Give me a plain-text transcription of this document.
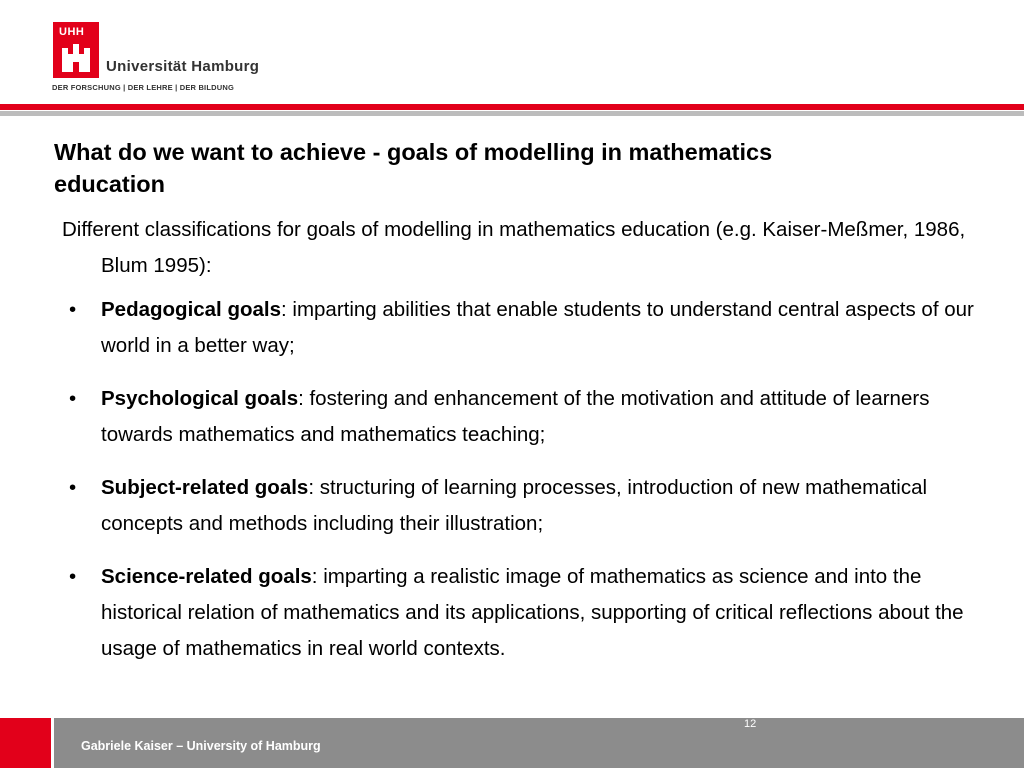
UHH
Universität Hamburg
DER FORSCHUNG | DER LEHRE | DER BILDUNG
What do we want to achieve - goals of modelling in mathematics education

Different classifications for goals of modelling in mathematics education (e.g. Kaiser-Meßmer, 1986, Blum 1995):

• Pedagogical goals: imparting abilities that enable students to understand central aspects of our world in a better way;
• Psychological goals: fostering and enhancement of the motivation and attitude of learners towards mathematics and mathematics teaching;
• Subject-related goals: structuring of learning processes, introduction of new mathematical concepts and methods including their illustration;
• Science-related goals: imparting a realistic image of mathematics as science and into the historical relation of mathematics and its applications, supporting of critical reflections about the usage of mathematics in real world contexts.
12
Gabriele Kaiser – University of Hamburg
